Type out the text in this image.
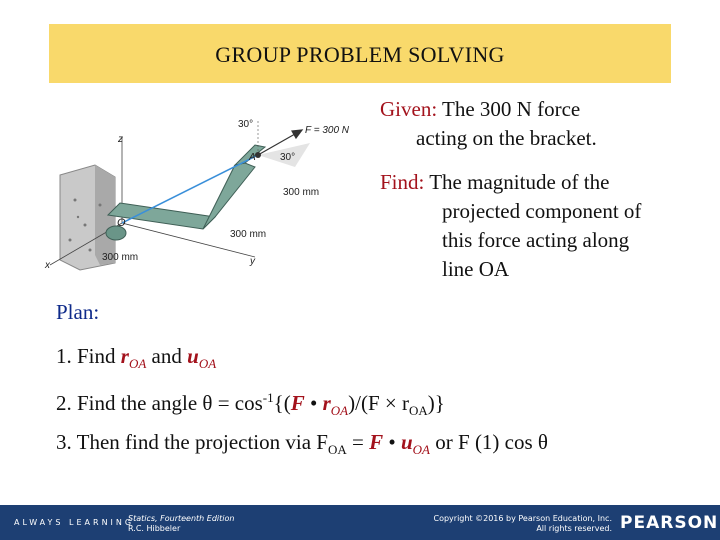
GROUP PROBLEM SOLVING
30°
F = 300 N
30°
A
300 mm
300 mm
300 mm
O
z
y
x
Given: The 300 N force
acting on the bracket.
Find: The magnitude of the
projected component of
this force acting along
line OA
Plan:
1. Find $r_{OA}$ and $u_{OA}$
2. Find the angle $\theta = \cos^{-1}\{(F$ • $r_{OA})/(F \times r_{OA})$}
3. Then find the projection via $F_{OA} = F$ • $u_{OA}$ or F (1) cos θ
ALWAYS LEARNING
Statics, Fourteenth Edition
R.C. Hibbeler
Copyright ©2016 by Pearson Education, Inc.
All rights reserved. PEARSON
